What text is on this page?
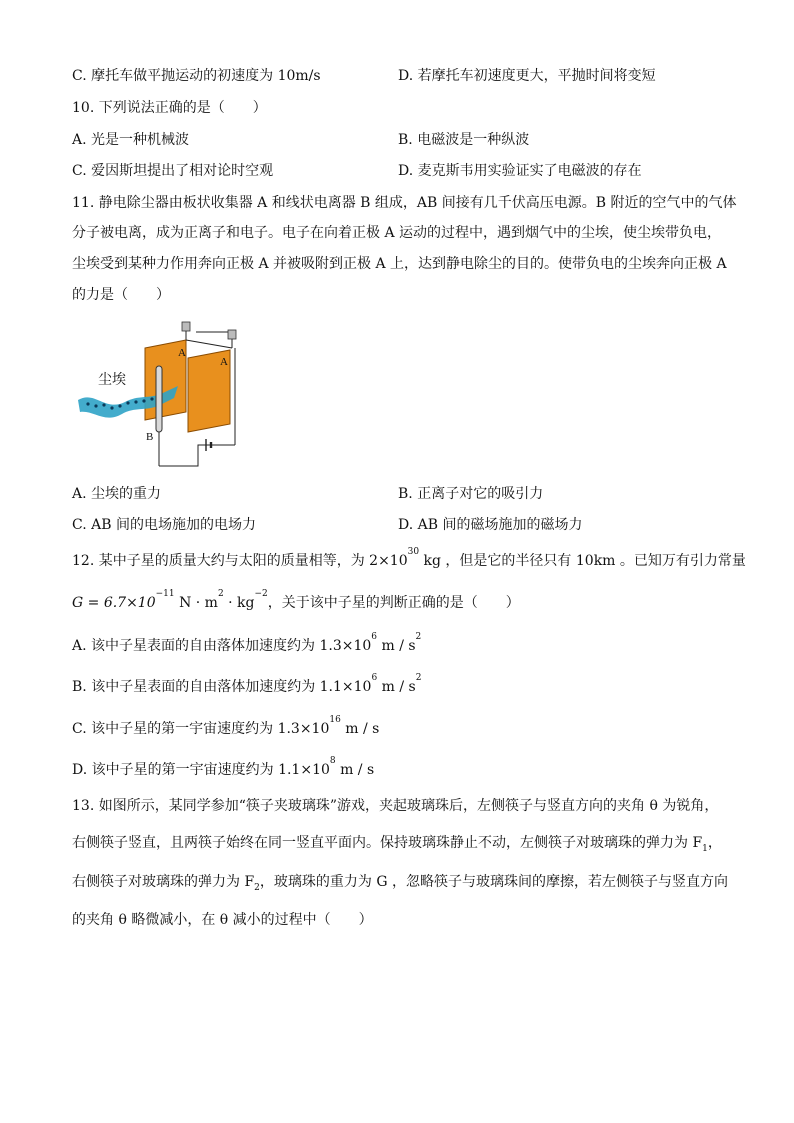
C. 摩托车做平抛运动的初速度为 10m/s	D. 若摩托车初速度更大，平抛时间将变短
10. 下列说法正确的是（　　）
A. 光是一种机械波	B. 电磁波是一种纵波
C. 爱因斯坦提出了相对论时空观	D. 麦克斯韦用实验证实了电磁波的存在
11. 静电除尘器由板状收集器 A 和线状电离器 B 组成，AB 间接有几千伏高压电源。B 附近的空气中的气体
分子被电离，成为正离子和电子。电子在向着正极 A 运动的过程中，遇到烟气中的尘埃，使尘埃带负电，
尘埃受到某种力作用奔向正极 A 并被吸附到正极 A 上，达到静电除尘的目的。使带负电的尘埃奔向正极 A
的力是（　　）
尘埃
A
A
B
A. 尘埃的重力	B. 正离子对它的吸引力
C. AB 间的电场施加的电场力	D. AB 间的磁场施加的磁场力
12. 某中子星的质量大约与太阳的质量相等，为 $2\times 10^{30}$ kg ，但是它的半径只有 10km 。已知万有引力常量
$G = 6.7\times 10^{-11}$ $N \cdot m^2 \cdot kg^{-2}$，关于该中子星的判断正确的是（　　）
A. 该中子星表面的自由落体加速度约为 $1.3\times 10^6$ m / $s^2$
B. 该中子星表面的自由落体加速度约为 $1.1\times 10^6$ m / $s^2$
C. 该中子星的第一宇宙速度约为 $1.3\times 10^{16}$ m / s
D. 该中子星的第一宇宙速度约为 $1.1\times 10^8$ m / s
13. 如图所示，某同学参加“筷子夹玻璃珠”游戏，夹起玻璃珠后，左侧筷子与竖直方向的夹角 θ 为锐角，
右侧筷子竖直，且两筷子始终在同一竖直平面内。保持玻璃珠静止不动，左侧筷子对玻璃珠的弹力为 $F_1$，
右侧筷子对玻璃珠的弹力为 $F_2$，玻璃珠的重力为 G ，忽略筷子与玻璃珠间的摩擦，若左侧筷子与竖直方向
的夹角 θ 略微减小，在 θ 减小的过程中（　　）
